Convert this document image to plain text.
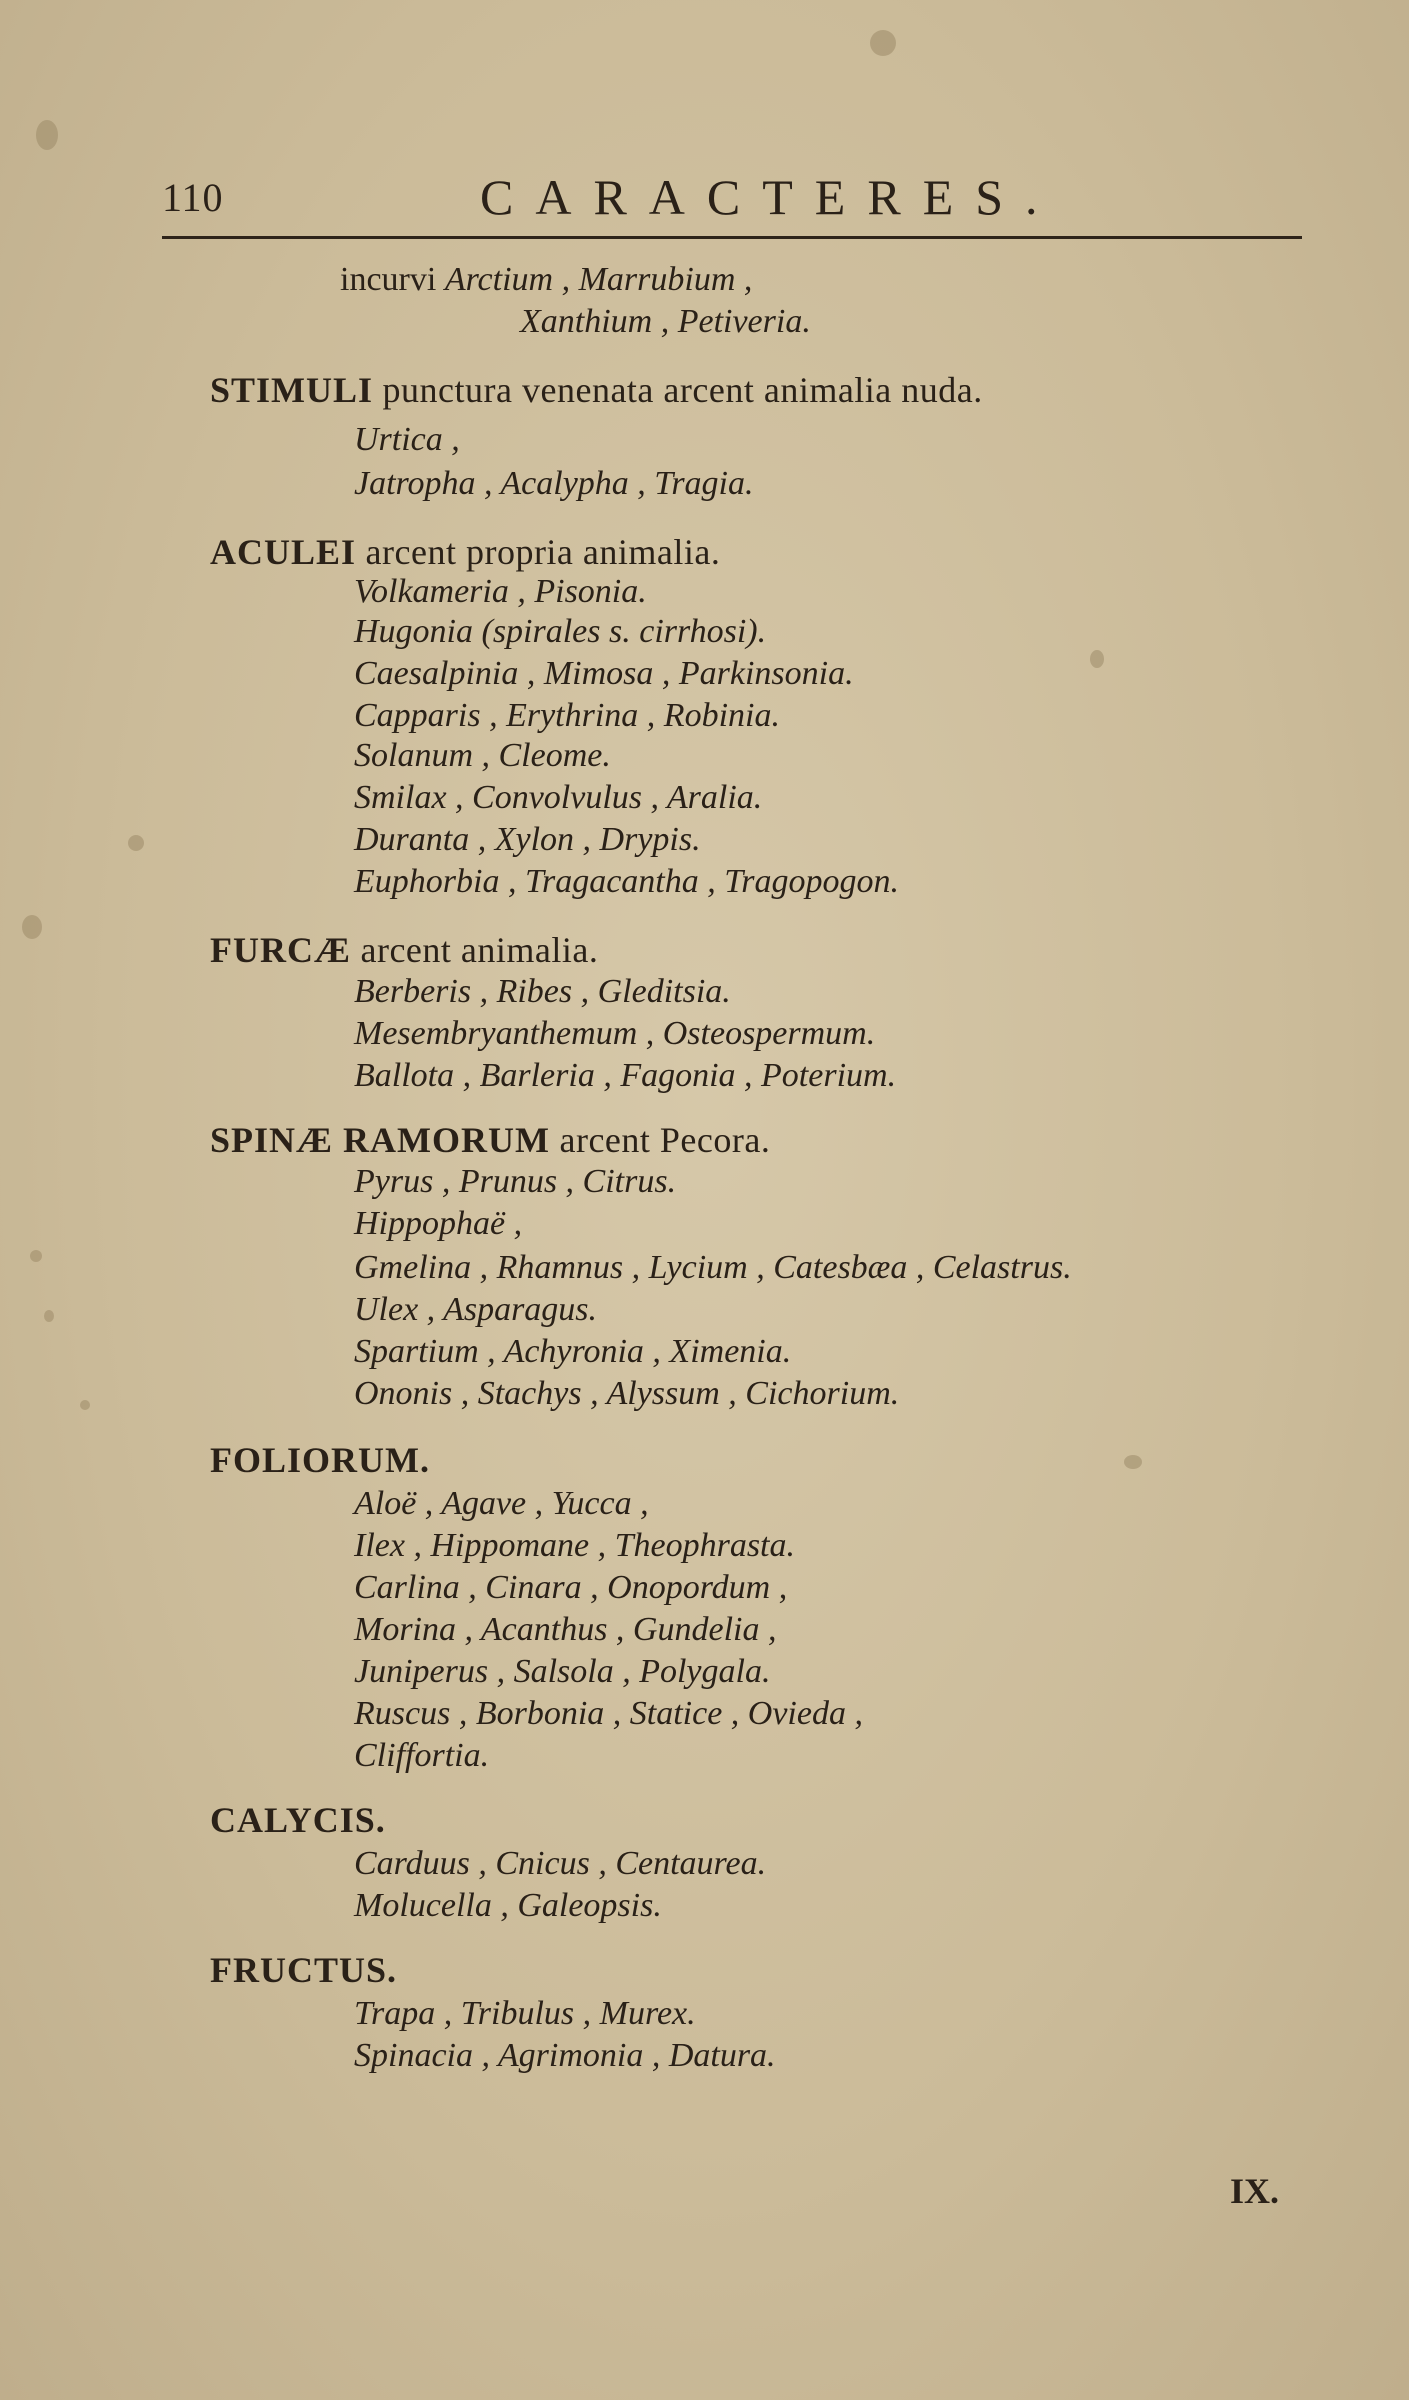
110	CARACTERES.
incurvi Arctium , Marrubium ,
Xanthium , Petiveria.
STIMULI punctura venenata arcent animalia nuda.
Urtica ,
Jatropha , Acalypha , Tragia.
ACULEI arcent propria animalia.
Volkameria , Pisonia.
Hugonia (spirales s. cirrhosi).
Caesalpinia , Mimosa , Parkinsonia.
Capparis , Erythrina , Robinia.
Solanum , Cleome.
Smilax , Convolvulus , Aralia.
Duranta , Xylon , Drypis.
Euphorbia , Tragacantha , Tragopogon.
FURCÆ arcent animalia.
Berberis , Ribes , Gleditsia.
Mesembryanthemum , Osteospermum.
Ballota , Barleria , Fagonia , Poterium.
SPINÆ RAMORUM arcent Pecora.
Pyrus , Prunus , Citrus.
Hippophaë ,
Gmelina , Rhamnus , Lycium , Catesbæa , Celastrus.
Ulex , Asparagus.
Spartium , Achyronia , Ximenia.
Ononis , Stachys , Alyssum , Cichorium.
FOLIORUM.
Aloë , Agave , Yucca ,
Ilex , Hippomane , Theophrasta.
Carlina , Cinara , Onopordum ,
Morina , Acanthus , Gundelia ,
Juniperus , Salsola , Polygala.
Ruscus , Borbonia , Statice , Ovieda ,
Cliffortia.
CALYCIS.
Carduus , Cnicus , Centaurea.
Molucella , Galeopsis.
FRUCTUS.
Trapa , Tribulus , Murex.
Spinacia , Agrimonia , Datura.
IX.
